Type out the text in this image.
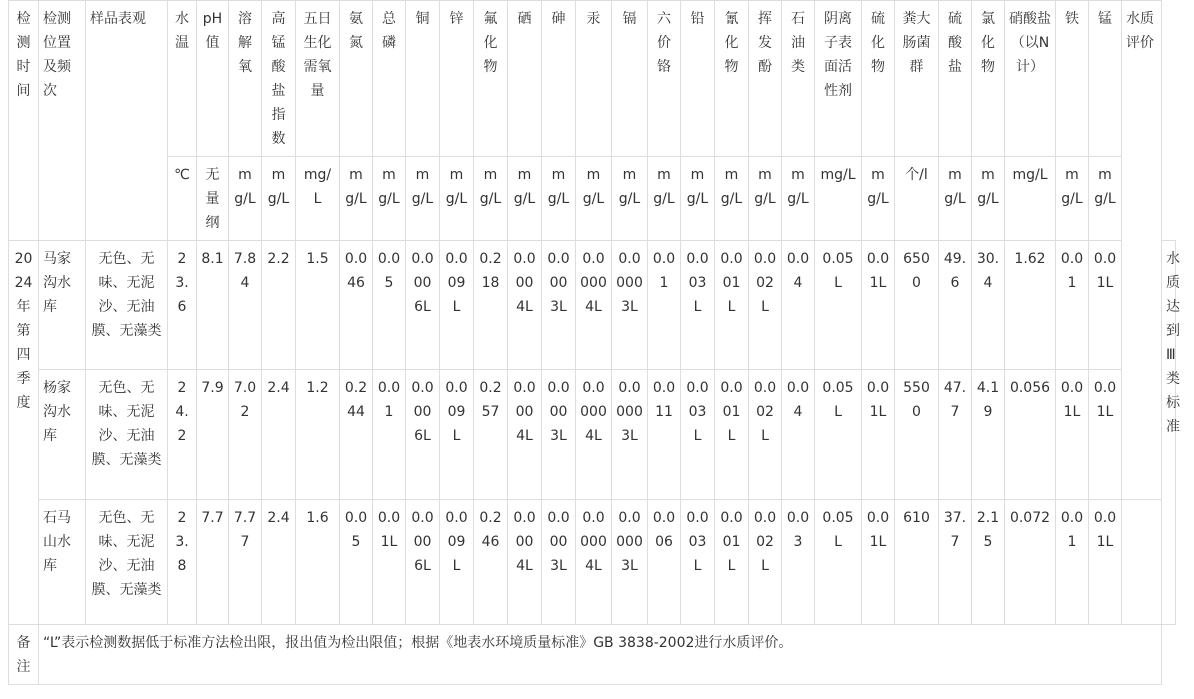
检测时间	检测位置及频次	样品表观	水温	pH值	溶解氧	高锰酸盐指数	五日生化需氧量	氨氮	总磷	铜	锌	氟化物	硒	砷	汞	镉	六价铬	铅	氰化物	挥发酚	石油类	阴离子表面活性剂	硫化物	粪大肠菌群	硫酸盐	氯化物	硝酸盐（以N计）	铁	锰	水质评价	
			℃	无量纲	mg/L	mg/L	mg/L	mg/L	mg/L	mg/L	mg/L	mg/L	mg/L	mg/L	mg/L	mg/L	mg/L	mg/L	mg/L	mg/L	mg/L	mg/L	mg/L	个/l	mg/L	mg/L	mg/L	mg/L	mg/L		
2024年第四季度	马家沟水库	无色、无味、无泥沙、无油膜、无藻类	23.6	8.1	7.84	2.2	1.5	0.046	0.05	0.0006L	0.009L	0.218	0.0004L	0.0003L	0.00004L	0.00003L	0.01	0.003L	0.001L	0.002L	0.04	0.05L	0.01L	6500	49.6	30.4	1.62	0.01	0.01L		水质达到Ⅲ类标准
	杨家沟水库	无色、无味、无泥沙、无油膜、无藻类	24.2	7.9	7.02	2.4	1.2	0.244	0.01	0.0006L	0.009L	0.257	0.0004L	0.0003L	0.00004L	0.00003L	0.011	0.003L	0.001L	0.002L	0.04	0.05L	0.01L	5500	47.7	4.19	0.056	0.01L	0.01L		
	石马山水库	无色、无味、无泥沙、无油膜、无藻类	23.8	7.7	7.77	2.4	1.6	0.05	0.01L	0.0006L	0.009L	0.246	0.0004L	0.0003L	0.00004L	0.00003L	0.006	0.003L	0.001L	0.002L	0.03	0.05L	0.01L	610	37.7	2.15	0.072	0.01	0.01L		
备注	“L”表示检测数据低于标准方法检出限，报出值为检出限值；根据《地表水环境质量标准》GB 3838-2002进行水质评价。																														
